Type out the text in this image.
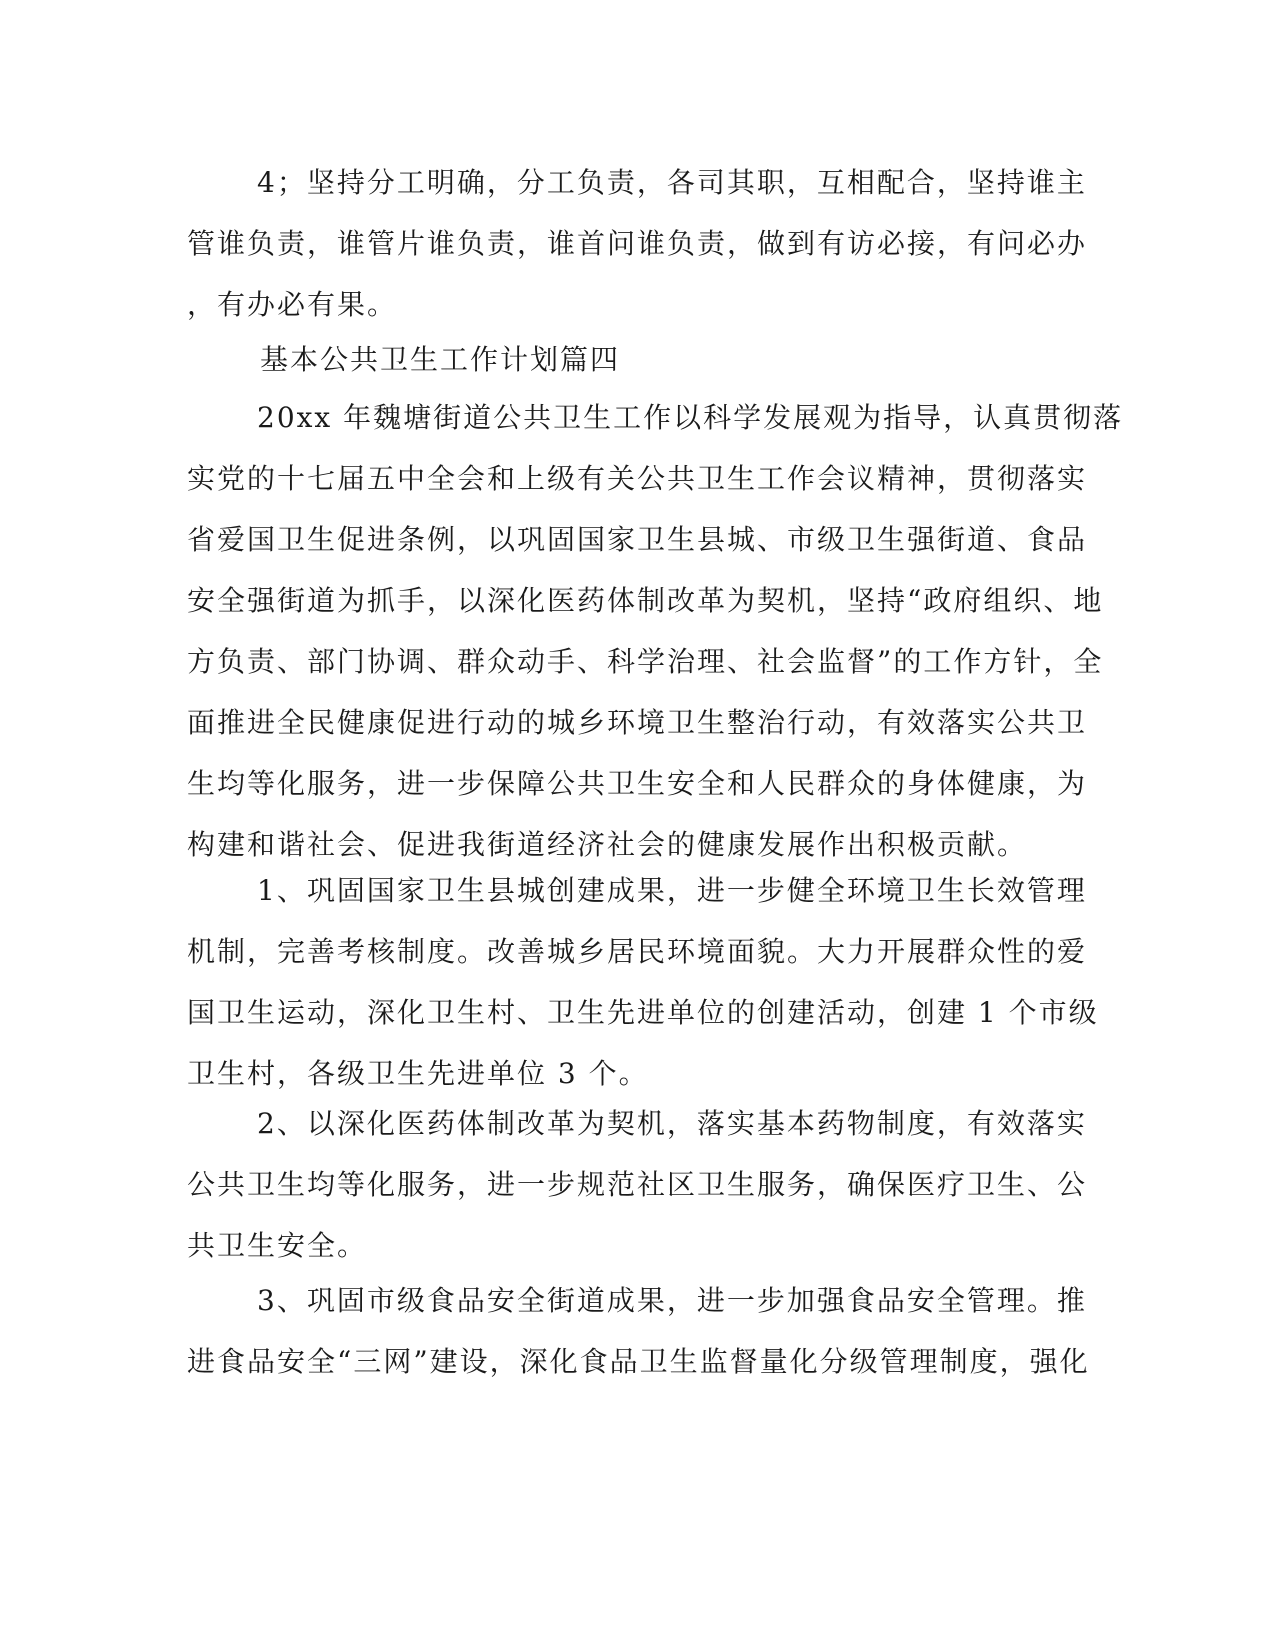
4；坚持分工明确，分工负责，各司其职，互相配合，坚持谁主
管谁负责，谁管片谁负责，谁首问谁负责，做到有访必接，有问必办
，有办必有果。
基本公共卫生工作计划篇四
20xx 年魏塘街道公共卫生工作以科学发展观为指导，认真贯彻落
实党的十七届五中全会和上级有关公共卫生工作会议精神，贯彻落实
省爱国卫生促进条例，以巩固国家卫生县城、市级卫生强街道、食品
安全强街道为抓手，以深化医药体制改革为契机，坚持“政府组织、地
方负责、部门协调、群众动手、科学治理、社会监督”的工作方针，全
面推进全民健康促进行动的城乡环境卫生整治行动，有效落实公共卫
生均等化服务，进一步保障公共卫生安全和人民群众的身体健康，为
构建和谐社会、促进我街道经济社会的健康发展作出积极贡献。
1、巩固国家卫生县城创建成果，进一步健全环境卫生长效管理
机制，完善考核制度。改善城乡居民环境面貌。大力开展群众性的爱
国卫生运动，深化卫生村、卫生先进单位的创建活动，创建 1 个市级
卫生村，各级卫生先进单位 3 个。
2、以深化医药体制改革为契机，落实基本药物制度，有效落实
公共卫生均等化服务，进一步规范社区卫生服务，确保医疗卫生、公
共卫生安全。
3、巩固市级食品安全街道成果，进一步加强食品安全管理。推
进食品安全“三网”建设，深化食品卫生监督量化分级管理制度，强化
